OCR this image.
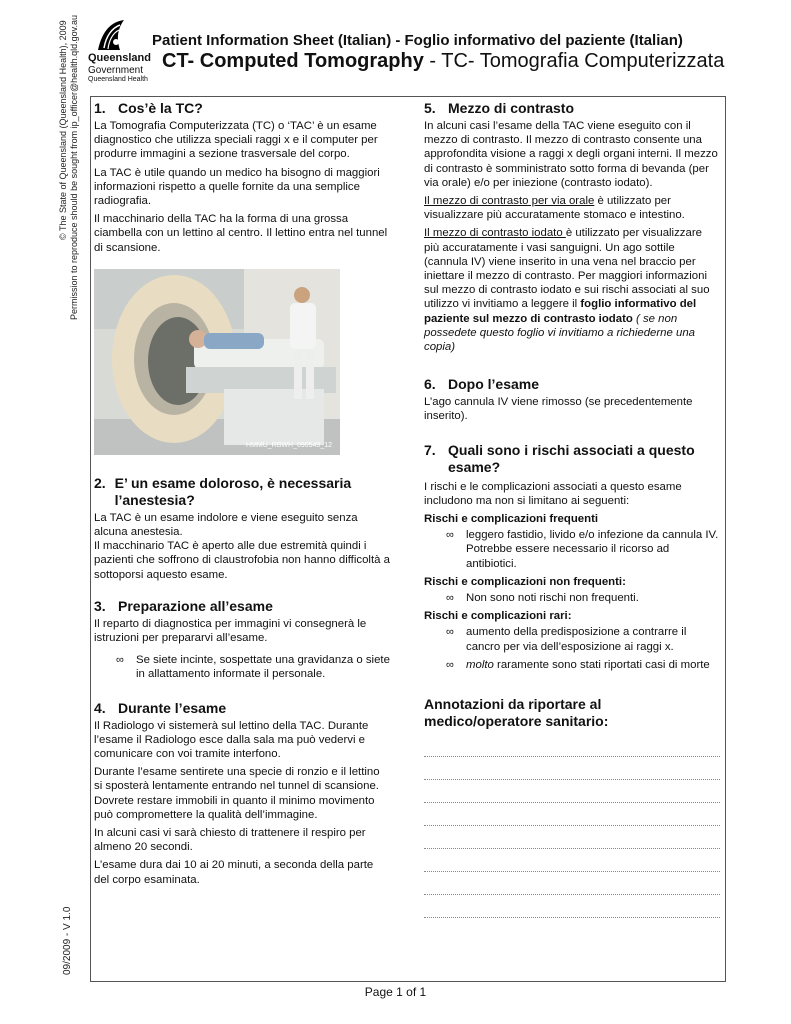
© The State of Queensland (Queensland Health), 2009 Permission to reproduce should be sought from ip_officer@health.qld.gov.au
09/2009 - V 1.0
Queensland
Government
Queensland Health
Patient Information Sheet (Italian) - Foglio informativo del paziente (Italian)
CT- Computed Tomography - TC- Tomografia Computerizzata
1. Cos’è la TC?

La Tomografia Computerizzata (TC) o ‘TAC’ è un esame diagnostico che utilizza speciali raggi x e il computer per produrre immagini a sezione trasversale del corpo.

La TAC è utile quando un medico ha bisogno di maggiori informazioni rispetto a quelle fornite da una semplice radiografia.

Il macchinario della TAC ha la forma di una grossa ciambella con un lettino al centro. Il lettino entra nel tunnel di scansione.

HMMU_RBWH_090549_12
2. E’ un esame doloroso, è necessaria l’anestesia?

La TAC è un esame indolore e viene eseguito senza alcuna anestesia.

Il macchinario TAC è aperto alle due estremità quindi i pazienti che soffrono di claustrofobia non hanno difficoltà a sottoporsi aquesto esame.

3. Preparazione all’esame

Il reparto di diagnostica per immagini vi consegnerà le istruzioni per prepararvi all’esame.

∞ Se siete incinte, sospettate una gravidanza o siete in allattamento informate il personale.
4. Durante l’esame

Il Radiologo vi sistemerà sul lettino della TAC. Durante l’esame il Radiologo esce dalla sala ma può vedervi e comunicare con voi tramite interfono.

Durante l’esame sentirete una specie di ronzio e il lettino si sposterà lentamente entrando nel tunnel di scansione. Dovrete restare immobili in quanto il minimo movimento può compromettere la qualità dell’immagine.

In alcuni casi vi sarà chiesto di trattenere il respiro per almeno 20 secondi.

L’esame dura dai 10 ai 20 minuti, a seconda della parte del corpo esaminata.

5. Mezzo di contrasto

In alcuni casi l’esame della TAC viene eseguito con il mezzo di contrasto. Il mezzo di contrasto consente una approfondita visione a raggi x degli organi interni. Il mezzo di contrasto è somministrato sotto forma di bevanda (per via orale) e/o per iniezione (contrasto iodato).

Il mezzo di contrasto per via orale è utilizzato per visualizzare più accuratamente stomaco e intestino.

Il mezzo di contrasto iodato è utilizzato per visualizzare più accuratamente i vasi sanguigni. Un ago sottile (cannula IV) viene inserito in una vena nel braccio per iniettare il mezzo di contrasto. Per maggiori informazioni sul mezzo di contrasto iodato e sui rischi associati al suo utilizzo vi invitiamo a leggere il foglio informativo del paziente sul mezzo di contrasto iodato ( se non possedete questo foglio vi invitiamo a richiederne una copia)

6. Dopo l’esame

L’ago cannula IV viene rimosso (se precedentemente inserito).

7. Quali sono i rischi associati a questo esame?

I rischi e le complicazioni associati a questo esame includono ma non si limitano ai seguenti:

Rischi e complicazioni frequenti
∞ leggero fastidio, livido e/o infezione da cannula IV. Potrebbe essere necessario il ricorso ad antibiotici.
Rischi e complicazioni non frequenti:
∞ Non sono noti rischi non frequenti.
Rischi e complicazioni rari:
∞ aumento della predisposizione a contrarre il cancro per via dell’esposizione ai raggi x.
∞ molto raramente sono stati riportati casi di morte
Annotazioni da riportare al medico/operatore sanitario:
Page 1 of 1
